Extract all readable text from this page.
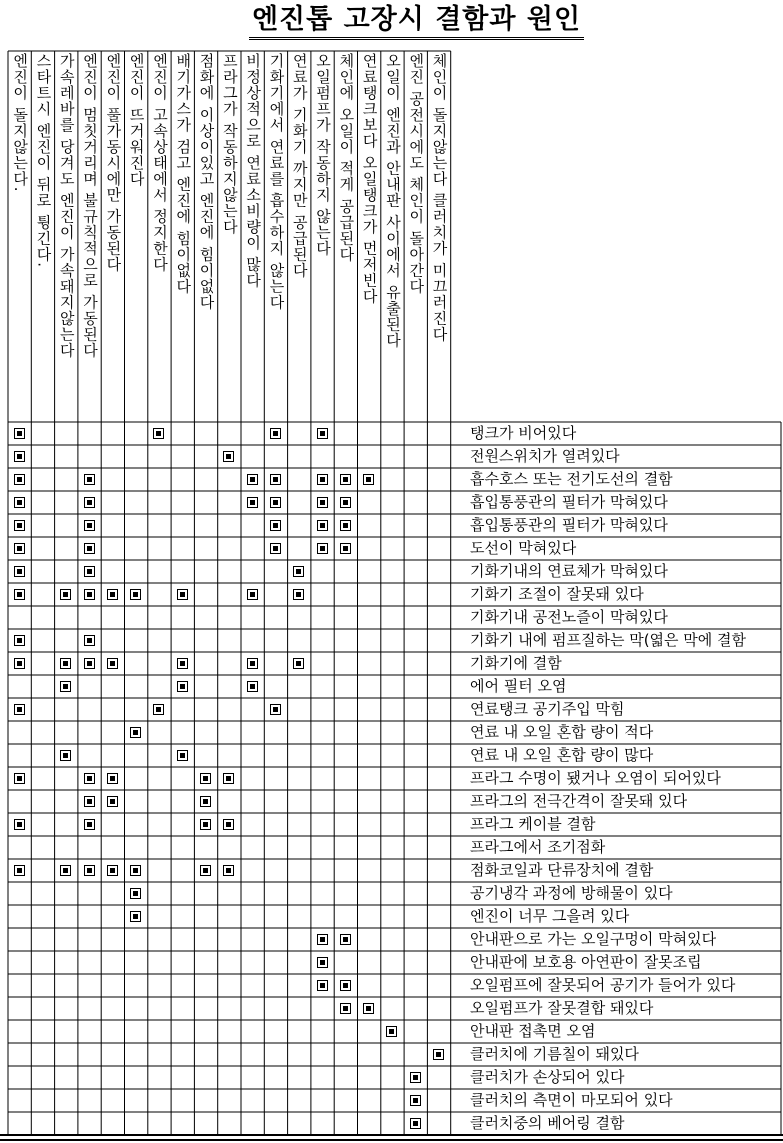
엔진톱 고장시 결함과 원인
엔진이 돌지않는다. 스타트시 엔진이 뒤로 튕긴다. 가속레바를 당겨도 엔진이 가속돼지않는다 엔진이 멈칫거리며 불규칙적으로 가동된다 엔진이 풀가동시에만 가동된다 엔진이 뜨거워진다 엔진이 고속상태에서 정지한다 배기가스가 검고 엔진에 힘이없다 점화에 이상이있고 엔진에 힘이없다 프라그가 작동하지않는다 비정상적으로 연료소비량이 많다 기화기에서 연료를 흡수하지 않는다 연료가 기화기 까지만 공급된다 오일펌프가 작동하지 않는다 체인에 오일이 적게 공급된다 연료탱크보다 오일탱크가 먼저빈다 오일이 엔진과 안내판 사이에서 유출된다 엔진 공전시에도 체인이 돌아간다 체인이 돌지않는다 클러치가 미끄러진다
탱크가 비어있다
전원스위치가 열려있다
흡수호스 또는 전기도선의 결함
흡입통풍관의 필터가 막혀있다
흡입통풍관의 필터가 막혀있다
도선이 막혀있다
기화기내의 연료체가 막혀있다
기화기 조절이 잘못돼 있다
기화기내 공전노즐이 막혀있다
기화기 내에 펌프질하는 막(엷은 막에 결함
기화기에 결함
에어 필터 오염
연료탱크 공기주입 막힘
연료 내 오일 혼합 량이 적다
연료 내 오일 혼합 량이 많다
프라그 수명이 됐거나 오염이 되어있다
프라그의 전극간격이 잘못돼 있다
프라그 케이블 결함
프라그에서 조기점화
점화코일과 단류장치에 결함
공기냉각 과정에 방해물이 있다
엔진이 너무 그을려 있다
안내판으로 가는 오일구멍이 막혀있다
안내판에 보호용 아연판이 잘못조립
오일펌프에 잘못되어 공기가 들어가 있다
오일펌프가 잘못결합 돼있다
안내판 접촉면 오염
클러치에 기름칠이 돼있다
클러치가 손상되어 있다
클러치의 측면이 마모되어 있다
클러치중의 베어링 결함
